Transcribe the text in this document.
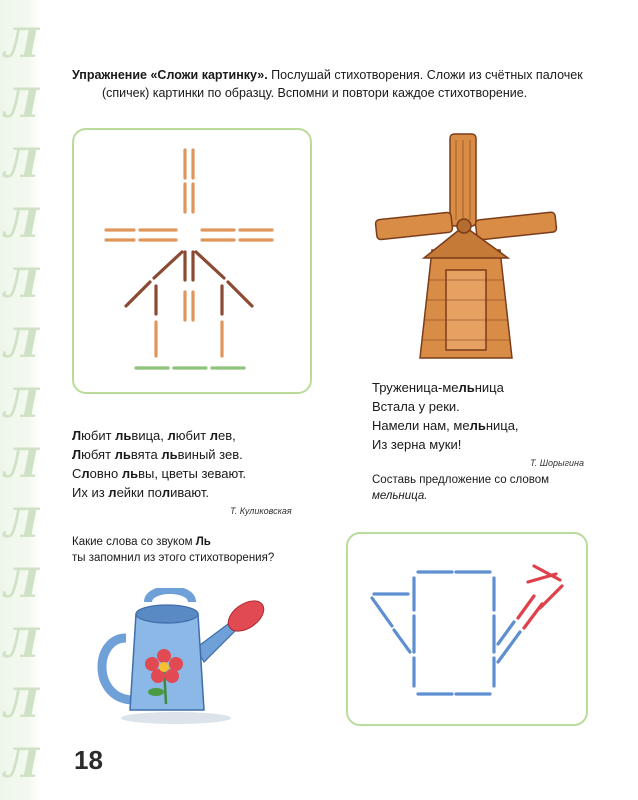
Л
Л
Л
Л
Л
Л
Л
Л
Л
Л
Л
Л
Л
Упражнение «Сложи картинку». Послушай стихотворения. Сложи из счётных палочек
(спичек) картинки по образцу. Вспомни и повтори каждое стихотворение.
Труженица-мельница
Встала у реки.
Намели нам, мельница,
Из зерна муки!
Т. Шорыгина
Составь предложение со словом
мельница.
Любит львица, любит лев,
Любят львята львиный зев.
Словно львы, цветы зевают.
Их из лейки поливают.
Т. Куликовская
Какие слова со звуком Ль
ты запомнил из этого стихотворения?
18
